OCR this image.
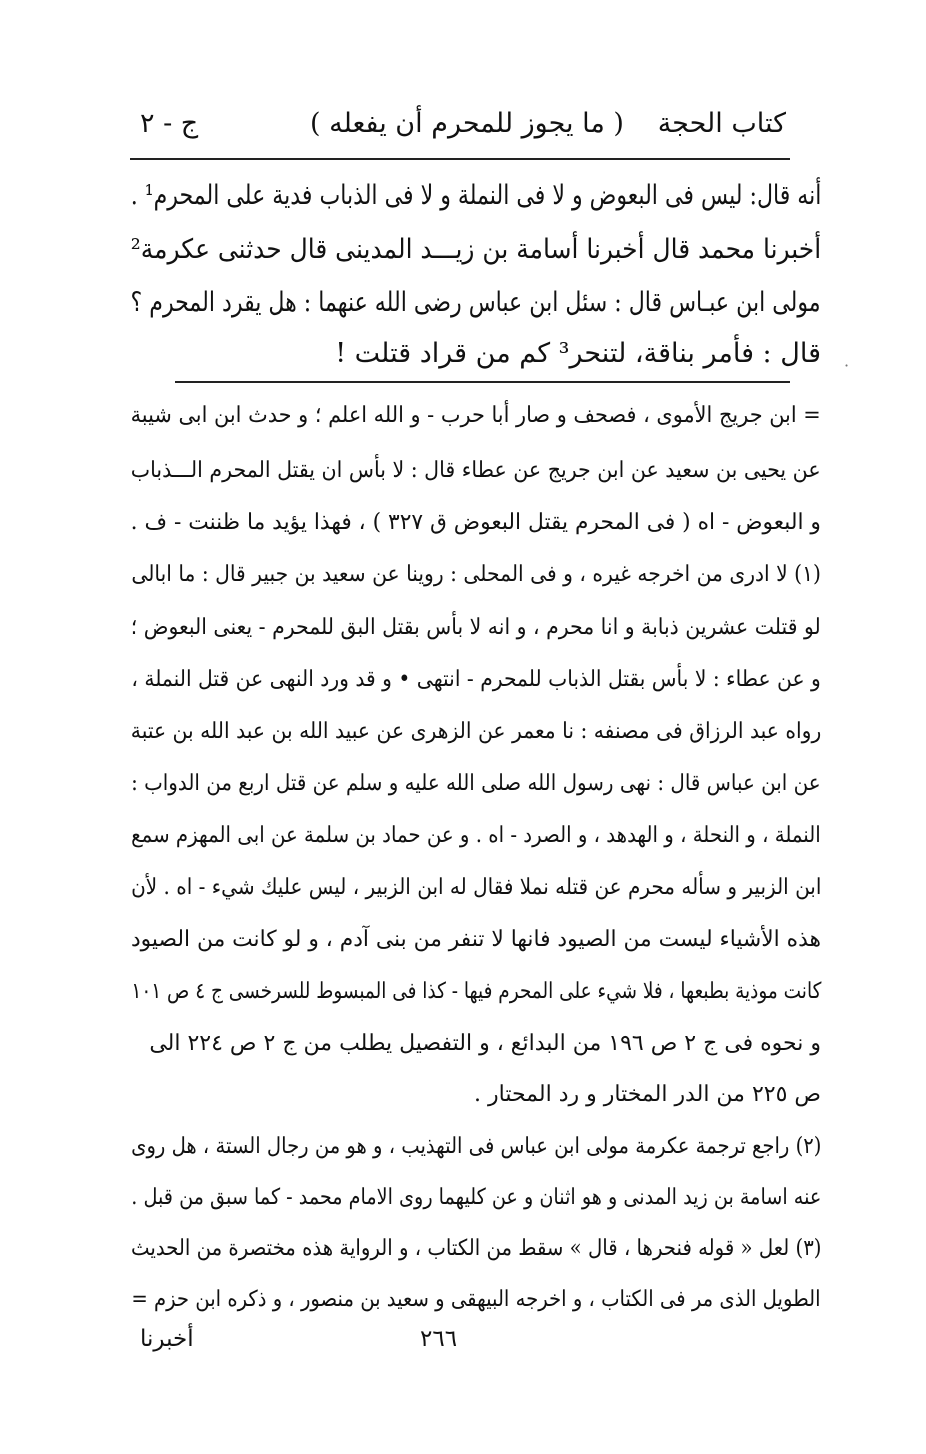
كتاب الحجة
( ما يجوز للمحرم أن يفعله )
ج - ٢
أنه قال: ليس فى البعوض و لا فى النملة و لا فى الذباب فدية على المحرم¹ .
أخبرنا محمد قال أخبرنا أسامة بن زيـــد المدينى قال حدثنى عكرمة²
مولى ابن عبـاس قال : سئل ابن عباس رضى الله عنهما : هل يقرد المحرم ؟
قال : فأمر بناقة، لتنحر³ كم من قراد قتلت ! ·
= ابن جريج الأموى ، فصحف و صار أبا حرب - و الله اعلم ؛ و حدث ابن ابى شيبة
عن يحيى بن سعيد عن ابن جريج عن عطاء قال : لا بأس ان يقتل المحرم الـــذباب
و البعوض - اه ( فى المحرم يقتل البعوض ق ٣٢٧ ) ، فهذا يؤيد ما ظننت - ف .
(١) لا ادرى من اخرجه غيره ، و فى المحلى : روينا عن سعيد بن جبير قال : ما ابالى
لو قتلت عشرين ذبابة و انا محرم ، و انه لا بأس بقتل البق للمحرم - يعنى البعوض ؛
و عن عطاء : لا بأس بقتل الذباب للمحرم - انتهى • و قد ورد النهى عن قتل النملة ،
رواه عبد الرزاق فى مصنفه : نا معمر عن الزهرى عن عبيد الله بن عبد الله بن عتبة
عن ابن عباس قال : نهى رسول الله صلى الله عليه و سلم عن قتل اربع من الدواب :
النملة ، و النحلة ، و الهدهد ، و الصرد - اه . و عن حماد بن سلمة عن ابى المهزم سمع
ابن الزبير و سأله محرم عن قتله نملا فقال له ابن الزبير ، ليس عليك شيء - اه . لأن
هذه الأشياء ليست من الصيود فانها لا تنفر من بنى آدم ، و لو كانت من الصيود
كانت موذية بطبعها ، فلا شيء على المحرم فيها - كذا فى المبسوط للسرخسى ج ٤ ص ١٠١
و نحوه فى ج ٢ ص ١٩٦ من البدائع ، و التفصيل يطلب من ج ٢ ص ٢٢٤ الى
ص ٢٢٥ من الدر المختار و رد المحتار .
(٢) راجع ترجمة عكرمة مولى ابن عباس فى التهذيب ، و هو من رجال الستة ، هل روى
عنه اسامة بن زيد المدنى و هو اثنان و عن كليهما روى الامام محمد - كما سبق من قبل .
(٣) لعل « قوله فنحرها ، قال » سقط من الكتاب ، و الرواية هذه مختصرة من الحديث
الطويل الذى مر فى الكتاب ، و اخرجه البيهقى و سعيد بن منصور ، و ذكره ابن حزم =
٢٦٦
أخبرنا
